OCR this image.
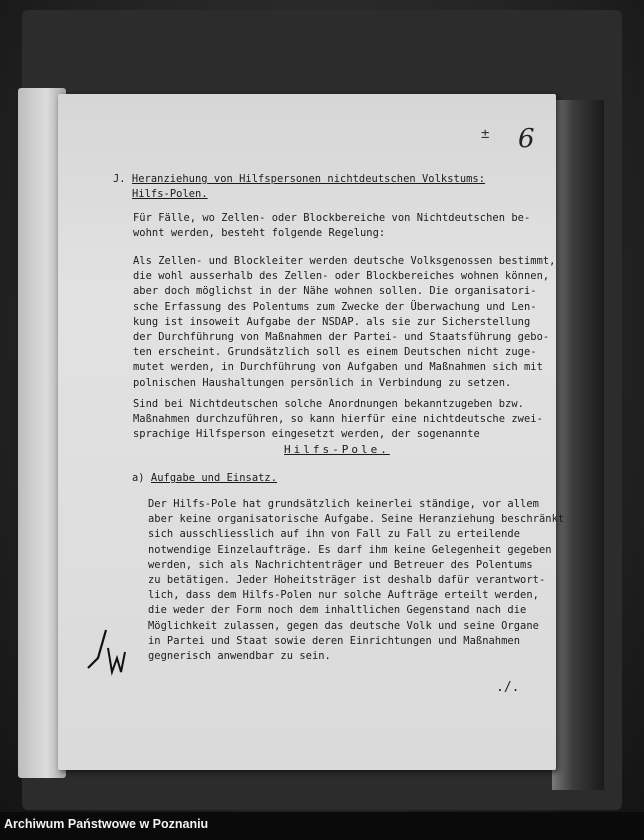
± 6
J. Heranziehung von Hilfspersonen nichtdeutschen Volkstums:
Hilfs-Polen.
Für Fälle, wo Zellen- oder Blockbereiche von Nichtdeutschen be-
wohnt werden, besteht folgende Regelung:
Als Zellen- und Blockleiter werden deutsche Volksgenossen bestimmt,
die wohl ausserhalb des Zellen- oder Blockbereiches wohnen können,
aber doch möglichst in der Nähe wohnen sollen. Die organisatori-
sche Erfassung des Polentums zum Zwecke der Überwachung und Len-
kung ist insoweit Aufgabe der NSDAP. als sie zur Sicherstellung
der Durchführung von Maßnahmen der Partei- und Staatsführung gebo-
ten erscheint. Grundsätzlich soll es einem Deutschen nicht zuge-
mutet werden, in Durchführung von Aufgaben und Maßnahmen sich mit
polnischen Haushaltungen persönlich in Verbindung zu setzen.
Sind bei Nichtdeutschen solche Anordnungen bekanntzugeben bzw.
Maßnahmen durchzuführen, so kann hierfür eine nichtdeutsche zwei-
sprachige Hilfsperson eingesetzt werden, der sogenannte
Hilfs-Pole.
a) Aufgabe und Einsatz.
Der Hilfs-Pole hat grundsätzlich keinerlei ständige, vor allem
aber keine organisatorische Aufgabe. Seine Heranziehung beschränkt
sich ausschliesslich auf ihn von Fall zu Fall zu erteilende
notwendige Einzelaufträge. Es darf ihm keine Gelegenheit gegeben
werden, sich als Nachrichtenträger und Betreuer des Polentums
zu betätigen. Jeder Hoheitsträger ist deshalb dafür verantwort-
lich, dass dem Hilfs-Polen nur solche Aufträge erteilt werden,
die weder der Form noch dem inhaltlichen Gegenstand nach die
Möglichkeit zulassen, gegen das deutsche Volk und seine Organe
in Partei und Staat sowie deren Einrichtungen und Maßnahmen
gegnerisch anwendbar zu sein.
./.
Archiwum Państwowe w Poznaniu
